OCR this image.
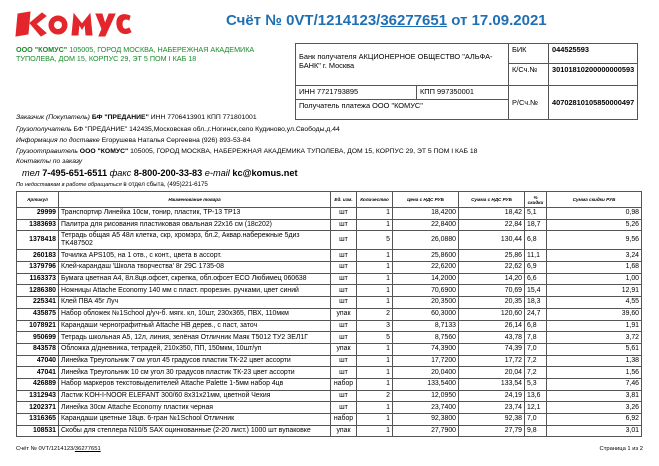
Счёт № 0VT/1214123/36277651 от 17.09.2021
ООО "КОМУС" 105005, ГОРОД МОСКВА, НАБЕРЕЖНАЯ АКАДЕМИКА ТУПОЛЕВА, ДОМ 15, КОРПУС 29, ЭТ 5 ПОМ I КАБ 18	Банк получателя АКЦИОНЕРНОЕ ОБЩЕСТВО "АЛЬФА-БАНК" г. Москва		БИК	044525593
		К/Сч.№	30101810200000000593
ИНН 7721793895	КПП 997350001	Р/Сч.№	40702810105850000497
Получатель платежа ООО "КОМУС"			
Заказчик (Покупатель) БФ "ПРЕДАНИЕ" ИНН 7706413901 КПП 771801001
Грузополучатель БФ "ПРЕДАНИЕ" 142435,Московская обл.,г.Ногинск,село Кудиново,ул.Свободы,д.44
Информация по доставке Егорушева Наталья Сергеевна (926) 893-53-84
Грузоотправитель ООО "КОМУС" 105005, ГОРОД МОСКВА, НАБЕРЕЖНАЯ АКАДЕМИКА ТУПОЛЕВА, ДОМ 15, КОРПУС 29, ЭТ 5 ПОМ I КАБ 18
Контакты по заказу
тел 7-495-651-6511 факс 8-800-200-33-83 e-mail kc@komus.net
По недоставкам в работе обращаться в отдел сбыта, (495)221-6175
Артикул	Наименование товара	Ед. изм.	Количество	Цена с НДС РУБ	Сумма с НДС РУБ	% скидки	Сумма скидки РУБ
29999	Транспортир Линейка 10см, тонир, пластик, TP-13 TP13	шт	1	18,4200	18,42	5,1	0,98
1383693	Палитра для рисования пластиковая овальная 22х16 см (18с202)	шт	1	22,8400	22,84	18,7	5,26
1378418	Тетрадь общая А5 48л клетка, скр, хромэрз, бл.2, Аквар.набережные 5диз TK487502	шт	5	26,0880	130,44	6,8	9,56
260183	Точилка APS105, на 1 отв., с конт., цвета в ассорт.	шт	1	25,8600	25,86	11,1	3,24
1379796	Клей-карандаш 'Школа творчества' 8г 29С 1735-08	шт	1	22,6200	22,62	6,9	1,68
1163373	Бумага цветная А4, 8л.8цв.офсет, скрепка, обл.офсет ECO Любимец 060638	шт	1	14,2000	14,20	6,6	1,00
1286380	Ножницы Attache Economy 140 мм с пласт. прорезин. ручками, цвет синий	шт	1	70,6900	70,69	15,4	12,91
225341	Клей ПВА 45г Луч	шт	1	20,3500	20,35	18,3	4,55
435875	Набор обложек №1School д/уч-б. мягк. кл, 10шт, 230х365, ПВХ, 110мкм	упак	2	60,3000	120,60	24,7	39,60
1078921	Карандаши чернографитный Attache HB дерев., с паст, заточ	шт	3	8,7133	26,14	6,8	1,91
950699	Тетрадь школьная А5, 12л, линия, зелёная Отличник Маяк Т5012 ТУ2 ЗЕЛ1Г	шт	5	8,7560	43,78	7,8	3,72
843578	Обложка д/дневника, тетрадей, 210х350, ПП, 150мкм, 10шт/уп	упак	1	74,3900	74,39	7,0	5,61
47040	Линейка Треугольник 7 см угол 45 градусов пластик ТК-22 цвет ассорти	шт	1	17,7200	17,72	7,2	1,38
47041	Линейка Треугольник 10 см угол 30 градусов пластик ТК-23 цвет ассорти	шт	1	20,0400	20,04	7,2	1,56
426889	Набор маркеров текстовыделителей Attache Palette 1-5мм набор 4цв	набор	1	133,5400	133,54	5,3	7,46
1312943	Ластик KOH-I-NOOR ELEFANT 300/60 8х31х21мм, цветной Чехия	шт	2	12,0950	24,19	13,6	3,81
1202371	Линейка 30см Attache Economy пластик черная	шт	1	23,7400	23,74	12,1	3,26
1316365	Карандаши цветные 18цв. 6-гран №1School Отличник	набор	1	92,3800	92,38	7,0	6,92
108531	Скобы для степлера N10/5 SAX оцинкованные (2-20 лист.) 1000 шт вупаковке	упак	1	27,7900	27,79	9,8	3,01
Счёт № 0VT/1214123/36277651	Страница 1 из 2
